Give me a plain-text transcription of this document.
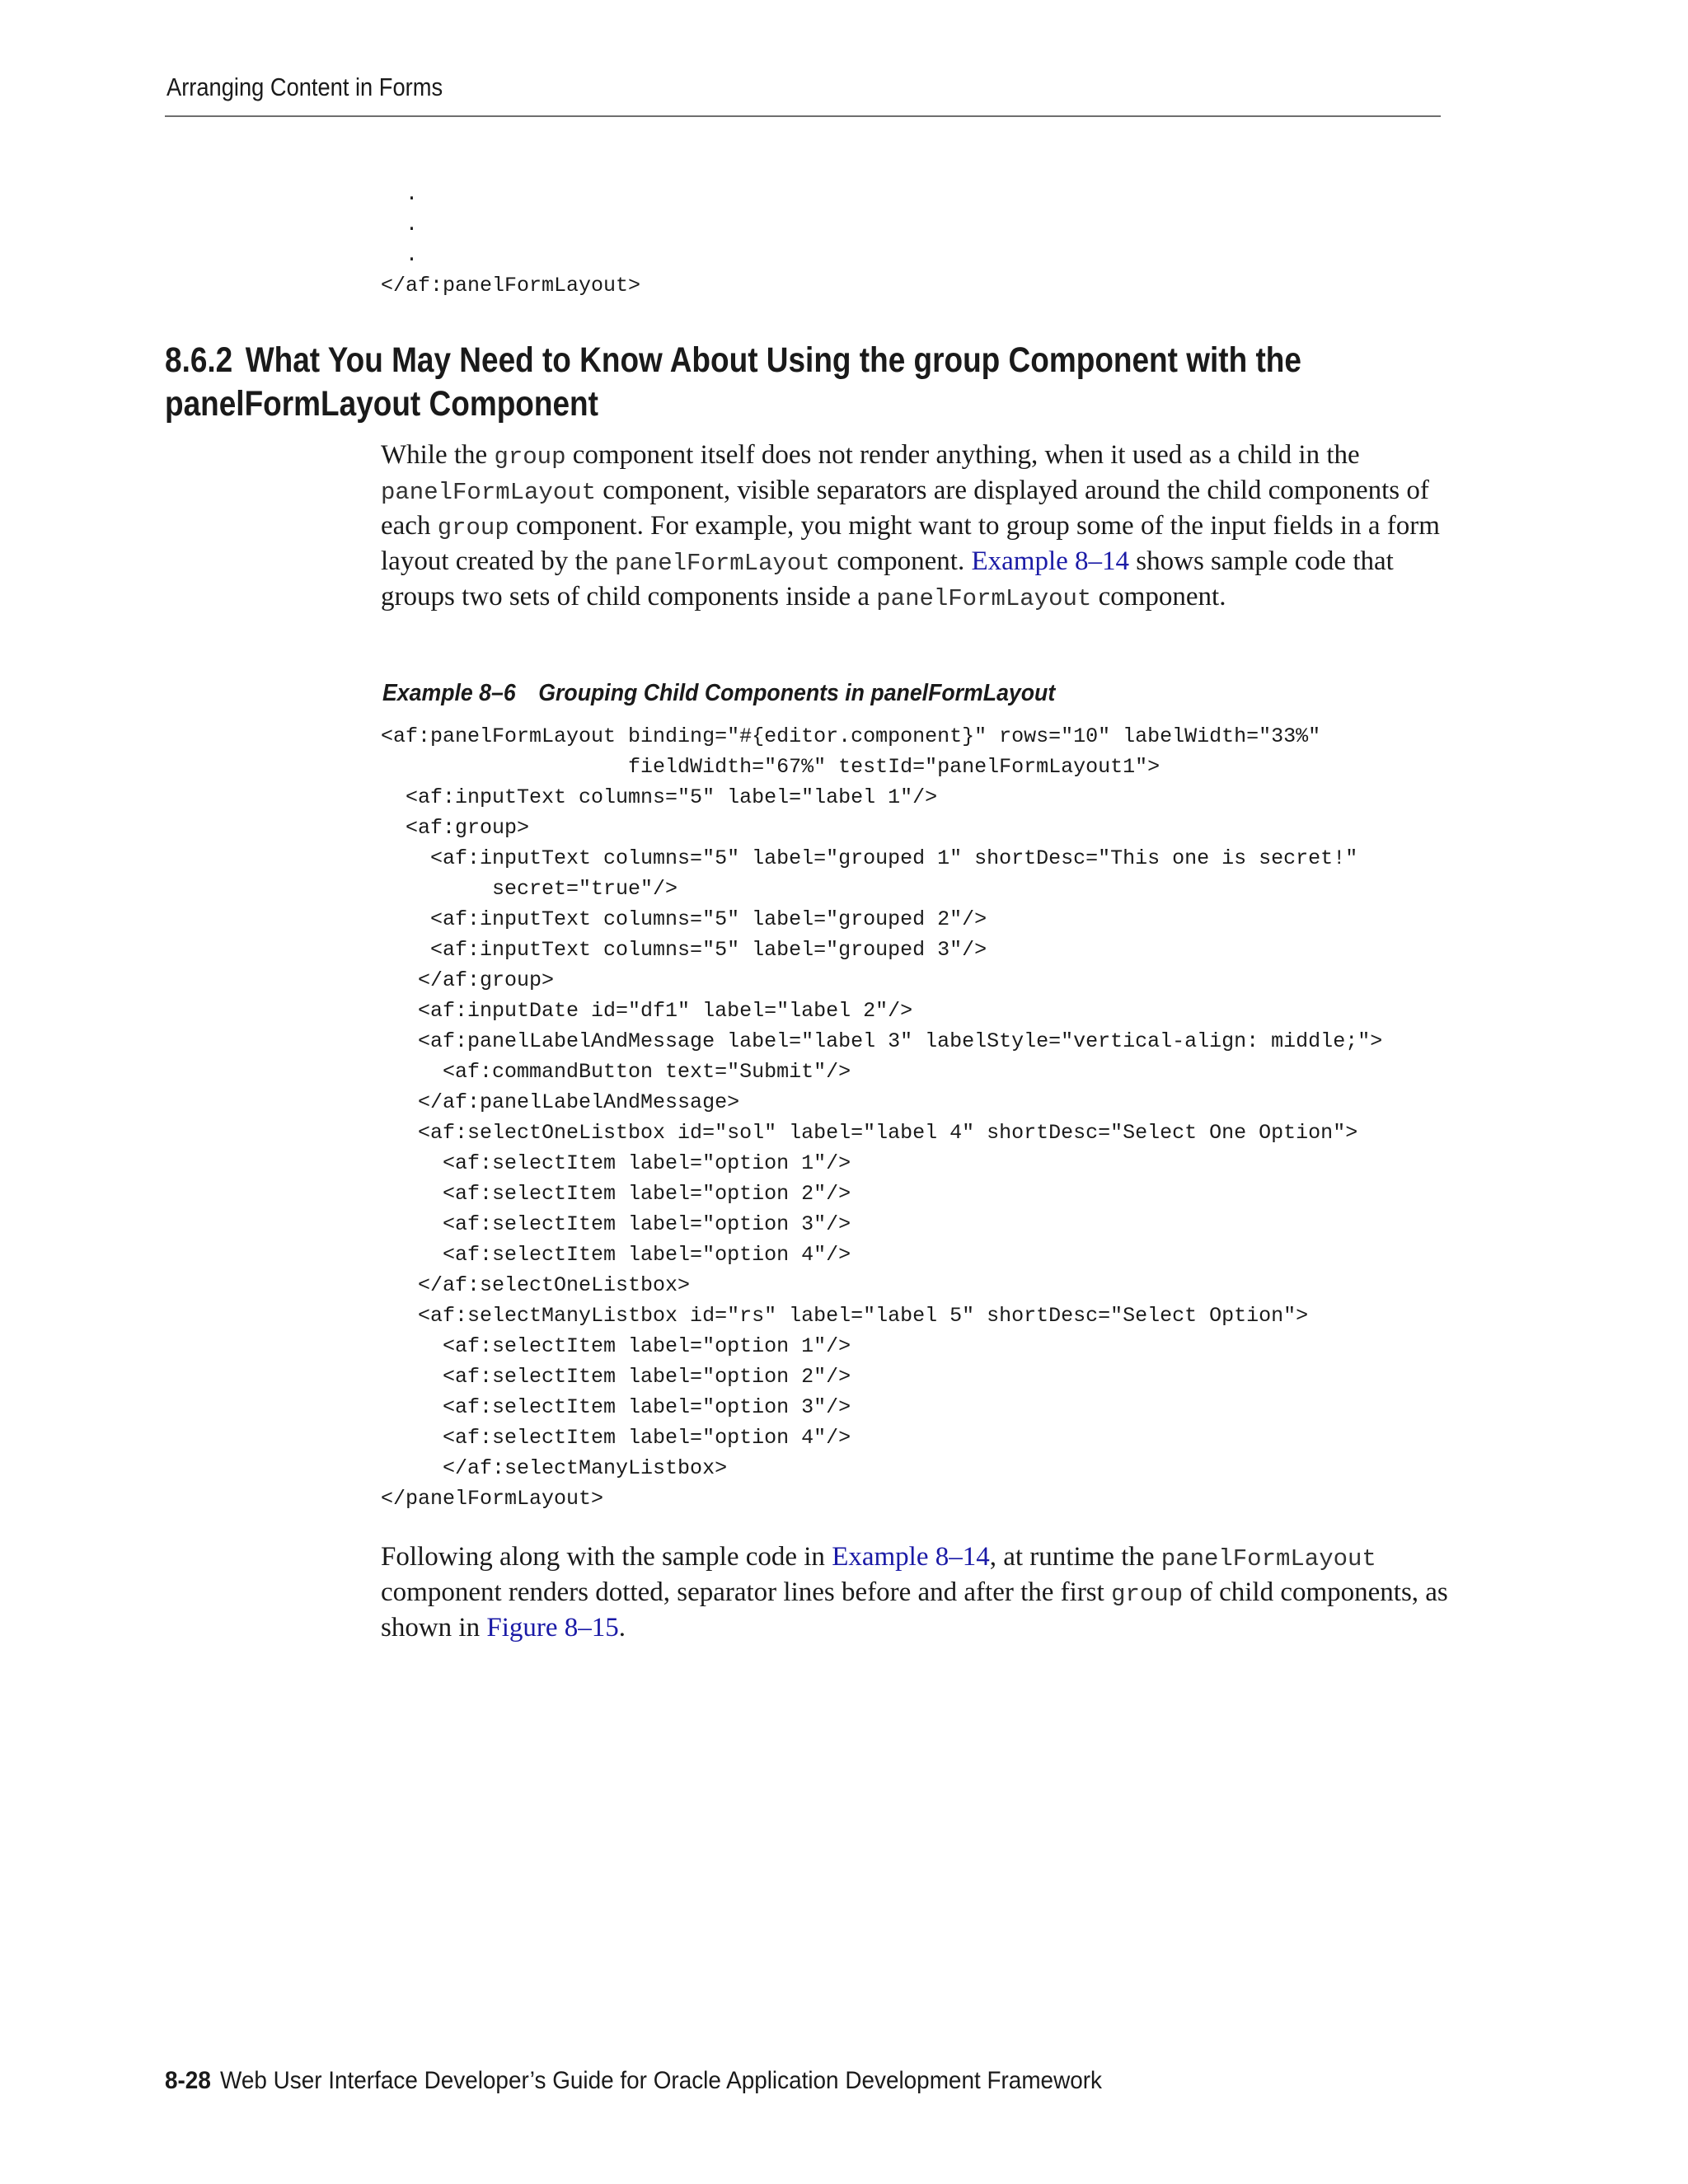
Arranging Content in Forms
.
.
.
</af:panelFormLayout>
8.6.2 What You May Need to Know About Using the group Component with the panelFormLayout Component

While the group component itself does not render anything, when it used as a child in the panelFormLayout component, visible separators are displayed around the child components of each group component. For example, you might want to group some of the input fields in a form layout created by the panelFormLayout component. Example 8–14 shows sample code that groups two sets of child components inside a panelFormLayout component.

Example 8–6 Grouping Child Components in panelFormLayout
<af:panelFormLayout binding="#{editor.component}" rows="10" labelWidth="33%"
fieldWidth="67%" testId="panelFormLayout1">
<af:inputText columns="5" label="label 1"/>
<af:group>
<af:inputText columns="5" label="grouped 1" shortDesc="This one is secret!"
secret="true"/>
<af:inputText columns="5" label="grouped 2"/>
<af:inputText columns="5" label="grouped 3"/>
</af:group>
<af:inputDate id="df1" label="label 2"/>
<af:panelLabelAndMessage label="label 3" labelStyle="vertical-align: middle;">
<af:commandButton text="Submit"/>
</af:panelLabelAndMessage>
<af:selectOneListbox id="sol" label="label 4" shortDesc="Select One Option">
<af:selectItem label="option 1"/>
<af:selectItem label="option 2"/>
<af:selectItem label="option 3"/>
<af:selectItem label="option 4"/>
</af:selectOneListbox>
<af:selectManyListbox id="rs" label="label 5" shortDesc="Select Option">
<af:selectItem label="option 1"/>
<af:selectItem label="option 2"/>
<af:selectItem label="option 3"/>
<af:selectItem label="option 4"/>
</af:selectManyListbox>
</panelFormLayout>

Following along with the sample code in Example 8–14, at runtime the panelFormLayout component renders dotted, separator lines before and after the first group of child components, as shown in Figure 8–15.

8-28 Web User Interface Developer’s Guide for Oracle Application Development Framework
